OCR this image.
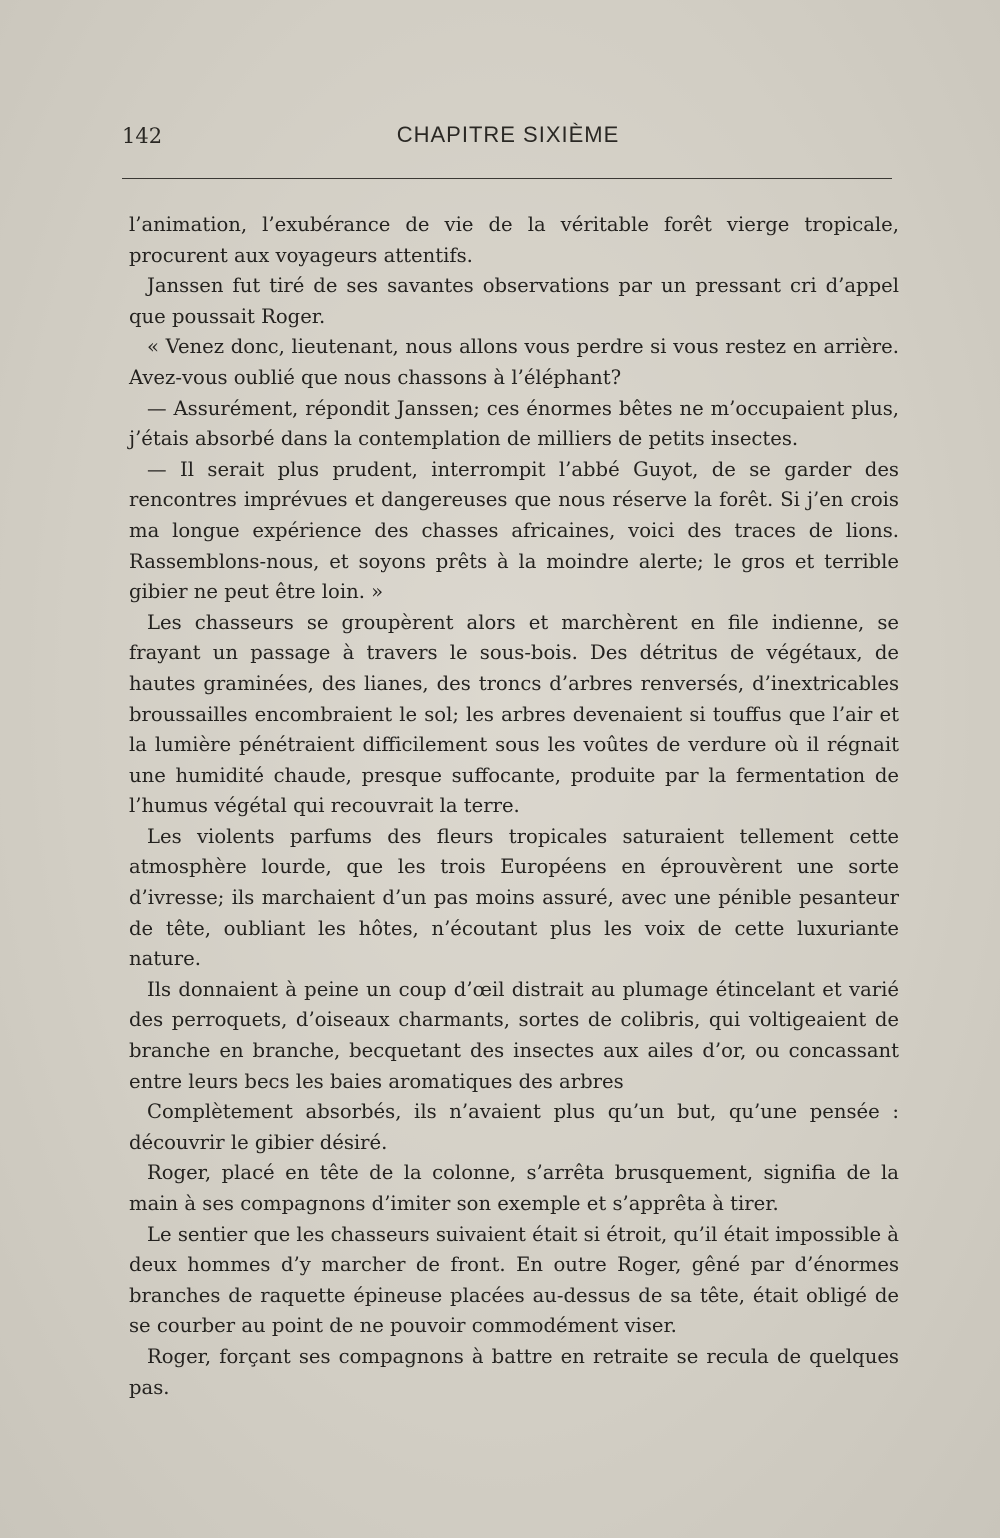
142	CHAPITRE SIXIÈME

l’animation, l’exubérance de vie de la véritable forêt vierge tropicale, procurent aux voyageurs attentifs.

Janssen fut tiré de ses savantes observations par un pressant cri d’appel que poussait Roger.

« Venez donc, lieutenant, nous allons vous perdre si vous restez en arrière. Avez-vous oublié que nous chassons à l’éléphant?

— Assurément, répondit Janssen; ces énormes bêtes ne m’occupaient plus, j’étais absorbé dans la contemplation de milliers de petits insectes.

— Il serait plus prudent, interrompit l’abbé Guyot, de se garder des rencontres imprévues et dangereuses que nous réserve la forêt. Si j’en crois ma longue expérience des chasses africaines, voici des traces de lions. Rassemblons-nous, et soyons prêts à la moindre alerte; le gros et terrible gibier ne peut être loin. »

Les chasseurs se groupèrent alors et marchèrent en file indienne, se frayant un passage à travers le sous-bois. Des détritus de végétaux, de hautes graminées, des lianes, des troncs d’arbres renversés, d’inextricables broussailles encombraient le sol; les arbres devenaient si touffus que l’air et la lumière pénétraient difficilement sous les voûtes de verdure où il régnait une humidité chaude, presque suffocante, produite par la fermentation de l’humus végétal qui recouvrait la terre.

Les violents parfums des fleurs tropicales saturaient tellement cette atmosphère lourde, que les trois Européens en éprouvèrent une sorte d’ivresse; ils marchaient d’un pas moins assuré, avec une pénible pesanteur de tête, oubliant les hôtes, n’écoutant plus les voix de cette luxuriante nature.

Ils donnaient à peine un coup d’œil distrait au plumage étincelant et varié des perroquets, d’oiseaux charmants, sortes de colibris, qui voltigeaient de branche en branche, becquetant des insectes aux ailes d’or, ou concassant entre leurs becs les baies aromatiques des arbres

Complètement absorbés, ils n’avaient plus qu’un but, qu’une pensée : découvrir le gibier désiré.

Roger, placé en tête de la colonne, s’arrêta brusquement, signifia de la main à ses compagnons d’imiter son exemple et s’apprêta à tirer.

Le sentier que les chasseurs suivaient était si étroit, qu’il était impossible à deux hommes d’y marcher de front. En outre Roger, gêné par d’énormes branches de raquette épineuse placées au-dessus de sa tête, était obligé de se courber au point de ne pouvoir commodément viser.

Roger, forçant ses compagnons à battre en retraite se recula de quelques pas.
